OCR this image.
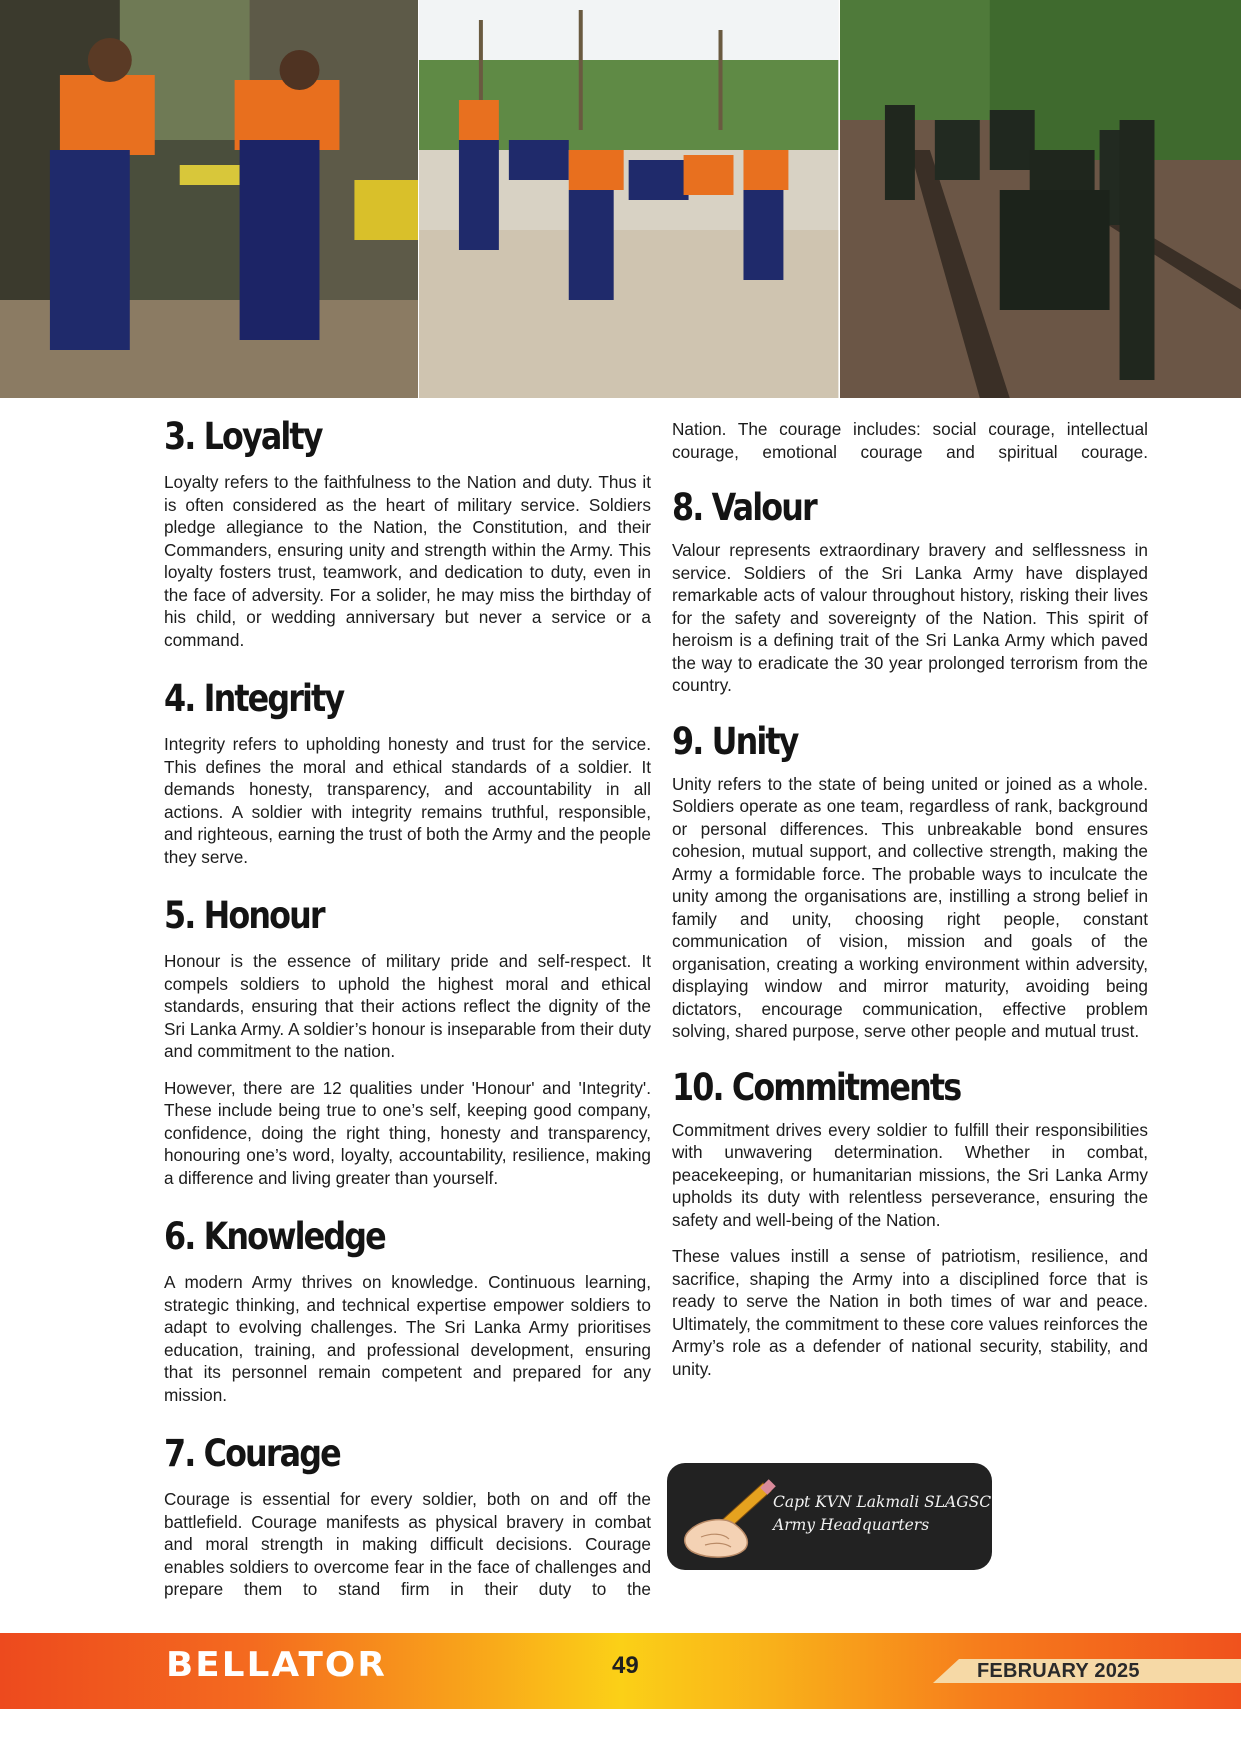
3. Loyalty

Loyalty refers to the faithfulness to the Nation and duty. Thus it is often considered as the heart of military service. Soldiers pledge allegiance to the Nation, the Constitution, and their Commanders, ensuring unity and strength within the Army. This loyalty fosters trust, teamwork, and dedication to duty, even in the face of adversity. For a solider, he may miss the birthday of his child, or wedding anniversary but never a service or a command.

4. Integrity

Integrity refers to upholding honesty and trust for the service. This defines the moral and ethical standards of a soldier. It demands honesty, transparency, and accountability in all actions. A soldier with integrity remains truthful, responsible, and righteous, earning the trust of both the Army and the people they serve.

5. Honour

Honour is the essence of military pride and self-respect. It compels soldiers to uphold the highest moral and ethical standards, ensuring that their actions reflect the dignity of the Sri Lanka Army. A soldier’s honour is inseparable from their duty and commitment to the nation.

However, there are 12 qualities under 'Honour' and 'Integrity'. These include being true to one’s self, keeping good company, confidence, doing the right thing, honesty and transparency, honouring one’s word, loyalty, accountability, resilience, making a difference and living greater than yourself.

6. Knowledge

A modern Army thrives on knowledge. Continuous learning, strategic thinking, and technical expertise empower soldiers to adapt to evolving challenges. The Sri Lanka Army prioritises education, training, and professional development, ensuring that its personnel remain competent and prepared for any mission.

7. Courage

Courage is essential for every soldier, both on and off the battlefield. Courage manifests as physical bravery in combat and moral strength in making difficult decisions. Courage enables soldiers to overcome fear in the face of challenges and prepare them to stand firm in their duty to the

Nation. The courage includes: social courage, intellectual courage, emotional courage and spiritual courage.

8. Valour

Valour represents extraordinary bravery and selflessness in service. Soldiers of the Sri Lanka Army have displayed remarkable acts of valour throughout history, risking their lives for the safety and sovereignty of the Nation. This spirit of heroism is a defining trait of the Sri Lanka Army which paved the way to eradicate the 30 year prolonged terrorism from the country.

9. Unity

Unity refers to the state of being united or joined as a whole. Soldiers operate as one team, regardless of rank, background or personal differences. This unbreakable bond ensures cohesion, mutual support, and collective strength, making the Army a formidable force. The probable ways to inculcate the unity among the organisations are, instilling a strong belief in family and unity, choosing right people, constant communication of vision, mission and goals of the organisation, creating a working environment within adversity, displaying window and mirror maturity, avoiding being dictators, encourage communication, effective problem solving, shared purpose, serve other people and mutual trust.

10. Commitments

Commitment drives every soldier to fulfill their responsibilities with unwavering determination. Whether in combat, peacekeeping, or humanitarian missions, the Sri Lanka Army upholds its duty with relentless perseverance, ensuring the safety and well-being of the Nation.

These values instill a sense of patriotism, resilience, and sacrifice, shaping the Army into a disciplined force that is ready to serve the Nation in both times of war and peace. Ultimately, the commitment to these core values reinforces the Army’s role as a defender of national security, stability, and unity.

Capt KVN Lakmali SLAGSC
Army Headquarters
BELLATOR	49	FEBRUARY 2025
